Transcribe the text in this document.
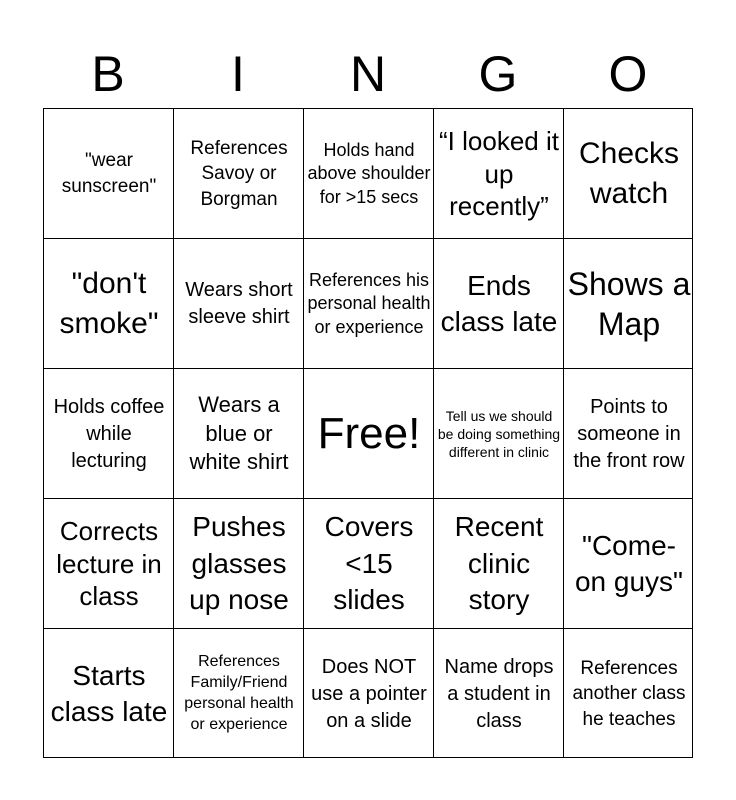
B	I	N	G	O
"wear sunscreen"
References Savoy or Borgman
Holds hand above shoulder for >15 secs
“I looked it up recently”
Checks watch
"don't smoke"
Wears short sleeve shirt
References his personal health or experience
Ends class late
Shows a Map
Holds coffee while lecturing
Wears a blue or white shirt
Free!	Tell us we should be doing something different in clinic
Points to someone in the front row
Corrects lecture in class
Pushes glasses up nose
Covers <15 slides
Recent clinic story
"Come-on guys"
Starts class late
References Family/Friend personal health or experience
Does NOT use a pointer on a slide
Name drops a student in class
References another class he teaches
